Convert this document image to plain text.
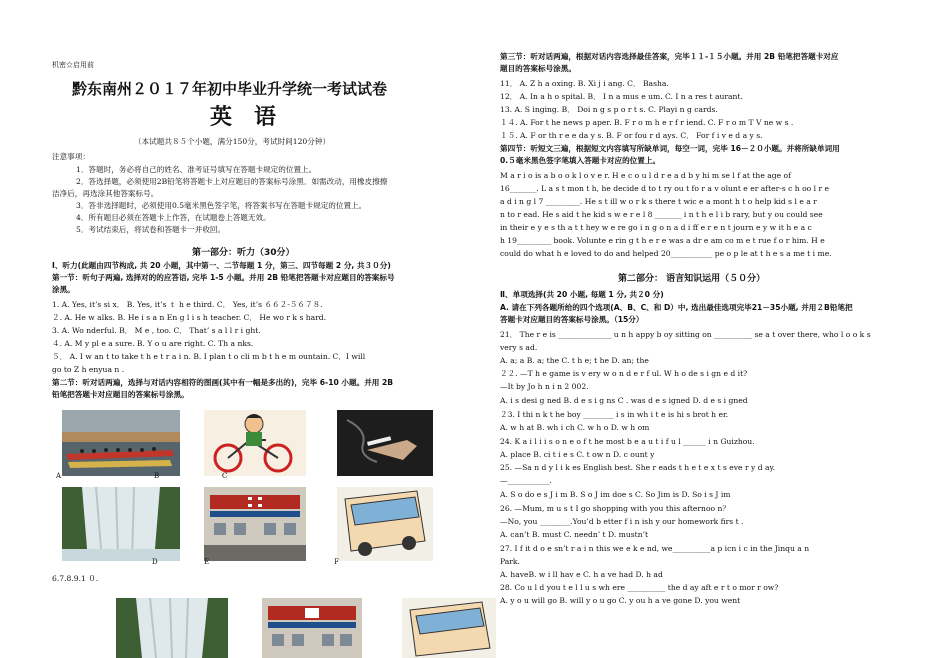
机密☆启用前
黔东南州２０１７年初中毕业升学统一考试试卷
英　语
（本试题共８５个小题，满分150分，考试时间120分钟）
注意事项：
1．答题时，务必将自己的姓名、准考证号填写在答题卡规定的位置上。
2．答选择题，必须使用2B铅笔将答题卡上对应题目的答案标号涂黑．如需改动，用橡皮擦擦
洁净后，再选涂其他答案标号。
3．答非选择题时，必须使用0.5毫米黑色签字笔，将答案书写在答题卡规定的位置上。
4．所有题目必须在答题卡上作答，在试题卷上答题无效。
5．考试结束后，将试卷和答题卡一并收回。
第一部分：听力（30分）
Ⅰ、听力(此题由四节构成, 共 20 小题，其中第一、二节每题 1 分，第三、四节每题 2 分, 共３０分)
第一节：听句子两遍, 选择对的的应答语, 完毕 1-5 小题。并用 2B 铅笔把答题卡对应题目的答案标号
涂黑。
1. A. Yes, it’s si x． B. Yes, it’s ｔ h e third. C． Yes, it’s ６６２-５６７８.
２. A. He w alks. B. He i s a n En g l i s h teacher. C． He wo r k s hard.
3. A. Wo nderful. B． M e , too. C． That’ s a l l r i ght.
４. A. M y pl e a sure. B. Y o u are right. C. Th a nks.
５． A. I w an t to take t h e t r a i n. B. I plan t o cli m b t h e m ountain. C．I will
go to Z h enyua n .
第二节：听对话两遍，选择与对话内容相符的图画(其中有一幅是多出的)，完毕 6-10 小题。并用 2B
铅笔把答题卡对应题目的答案标号涂黑。
A	B	C
D	E	F
6.7.8.9.1 ０.
第三节：听对话两遍，根据对话内容选择最佳答案，完毕１１-１５小题。并用 2B 铅笔把答题卡对应
题目的答案标号涂黑。
11． A. Z h a oxing. B. Xi j i ang. C． Basha.
12． A. In a h o spital. B． I n a mus e um. C. I n a res t aurant.
13. A. S inging. B． Doi n g s p o r t s. C. Playi n g cards.
１４. A. For t he news p aper. B. F r o m h e r f r iend. C. F r o m T V ne w s .
１５. A. F or th r e e da y s. B. F or fou r d ays. C． For f i v e d a y s.
第四节：听短文三遍，根据短文内容填写所缺单词，每空一词，完毕 16－２０小题。并将所缺单词用
0.５毫米黑色签字笔填入答题卡对应的位置上。
M a r i o is a b o o k l o v e r. H e c o u l d r e a d b y hi m se l f at the age of
16_______. L a s t mon t h, he decide d to t ry ou t fo r a v olunt e er after-s c h oo l r e
a d i n g l 7 _________. He s t ill w o r k s there t wic e a mont h t o help kid s l e a r
n to r ead. He s aid t he kid s w e r e l 8 _______ i n t h e l i b rary, but y ou could see
in their e y e s th a t t hey w e re go i n g o n a d i ff e r e n t journ e y w it h e a c
h 19_________ book. Volunte e rin g t h e r e was a dr e am co m e t rue f o r him. H e
could do what h e loved to do and helped 20___________ pe o p le at t h e s a me t i me.
第二部分： 语言知识运用（５０分）
Ⅱ、单项选择(共 20 小题, 每题 1 分, 共２0 分)
A. 请在下列各题所给的四个选项(A、B、C、和 D）中, 选出最佳选项完毕21－35小题, 并用２B铅笔把
答题卡对应题目的答案标号涂黑。（15分）
21． The r e is ______________ u n h appy b oy sitting on __________ se a t over there, who l o o k s
very s ad.
A. a; a B. a; the C. t h e; t he D. an; the
２２. —T h e game is v ery w o n d e r f ul. W h o de s i gn e d it?
—It by Jo h n i n 2 002.
A. i s desi g ned B. d e s i g ns C . was d e s igned D. d e s i gned
２3. I thi n k t he boy ________ i s in wh i t e is hi s brot h er.
A. w h at B. wh i ch C. w h o D. w h om
24. K a i l i i s o n e o f t he most b e a u t i f u l ______ i n Guizhou.
A. place B. ci t i e s C. t ow n D. c ount y
25. —Sa n d y l i k es English best. She r eads t h e t e x t s eve r y d ay.
—___________.
A. S o do e s J i m B. S o J im doe s C. So Jim is D. So i s J im
26. —Mum, m u s t I go shopping with you this afternoo n？
—No, you ________.You’d b etter f i n ish y our homework firs t .
A. can’t B. must C. needn’ t D. mustn’t
27. I f it d o e sn’t r a i n this we e k e nd, we__________a p icn i c in the Jinqu a n
Park.
A. haveB. w i ll hav e C. h a ve had D. h ad
28. Co u l d you t e l l u s wh ere __________ the d ay aft e r t o mor r ow?
A. y o u will go B. will y o u go C. y ou h a ve gone D. you went
